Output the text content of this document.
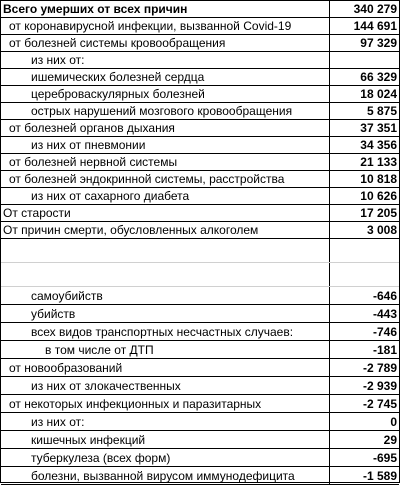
Всего умерших от всех причин	340 279
от коронавирусной инфекции, вызванной Covid-19	144 691
от болезней системы кровообращения	97 329
из них от:
ишемических болезней сердца	66 329
цереброваскулярных болезней	18 024
острых нарушений мозгового кровообращения	5 875
от болезней органов дыхания	37 351
из них от пневмонии	34 356
от болезней нервной системы	21 133
от болезней эндокринной системы, расстройства	10 818
из них от сахарного диабета	10 626
От старости	17 205
От причин смерти, обусловленных алкоголем	3 008
самоубийств	-646
убийств	-443
всех видов транспортных несчастных случаев:	-746
в том числе от ДТП	-181
от новообразований	-2 789
из них от злокачественных	-2 939
от некоторых инфекционных и паразитарных	-2 745
из них от:	0
кишечных инфекций	29
туберкулеза (всех форм)	-695
болезни, вызванной вирусом иммунодефицита	-1 589
